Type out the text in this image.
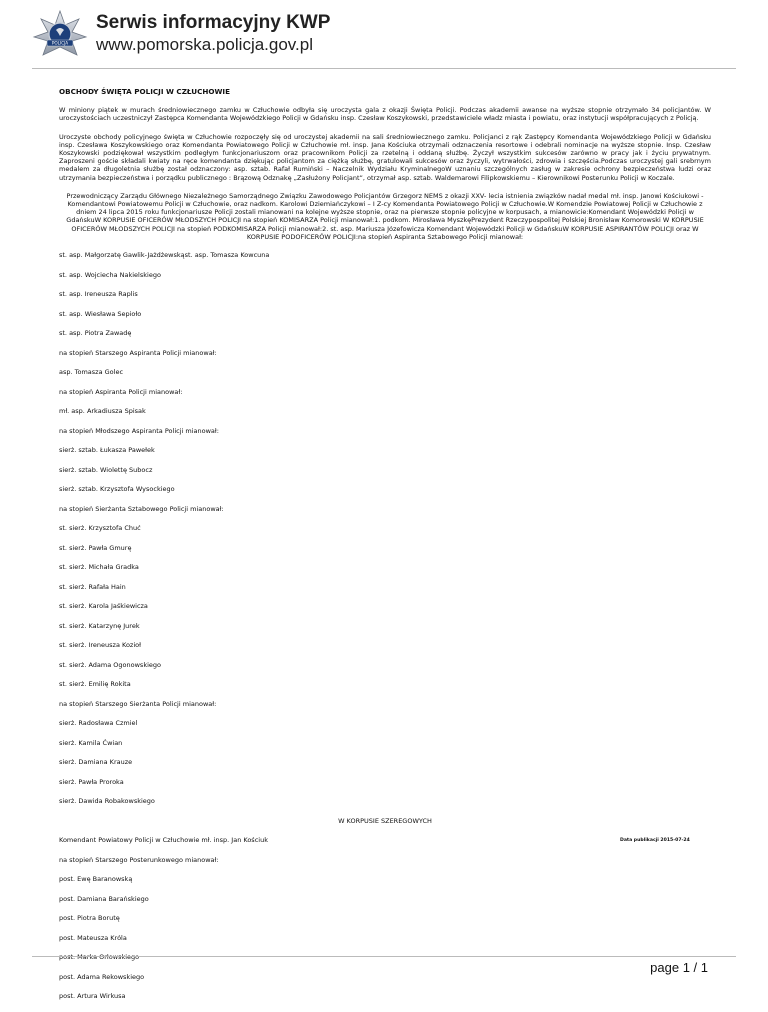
POLICJA
Serwis informacyjny KWP
www.pomorska.policja.gov.pl
OBCHODY ŚWIĘTA POLICJI W CZŁUCHOWIE
W miniony piątek w murach średniowiecznego zamku w Człuchowie odbyła się uroczysta gala z okazji Święta Policji. Podczas akademii awanse na wyższe stopnie otrzymało 34 policjantów. W uroczystościach uczestniczył Zastępca Komendanta Wojewódzkiego Policji w Gdańsku insp. Czesław Koszykowski, przedstawiciele władz miasta i powiatu, oraz instytucji współpracujących z Policją.
Uroczyste obchody policyjnego święta w Człuchowie rozpoczęły się od uroczystej akademii na sali średniowiecznego zamku. Policjanci z rąk Zastępcy Komendanta Wojewódzkiego Policji w Gdańsku insp. Czesława Koszykowskiego oraz Komendanta Powiatowego Policji w Człuchowie mł. insp. Jana Kościuka otrzymali odznaczenia resortowe i odebrali nominacje na wyższe stopnie. Insp. Czesław Koszykowski podziękował wszystkim podległym funkcjonariuszom oraz pracownikom Policji za rzetelną i oddaną służbę. Życzył wszystkim sukcesów zarówno w pracy jak i życiu prywatnym. Zaproszeni goście składali kwiaty na ręce komendanta dziękując policjantom za ciężką służbę, gratulowali sukcesów oraz życzyli, wytrwałości, zdrowia i szczęścia.Podczas uroczystej gali srebrnym medalem za długoletnia służbę został odznaczony: asp. sztab. Rafał Rumiński – Naczelnik Wydziału KryminalnegoW uznaniu szczególnych zasług w zakresie ochrony bezpieczeństwa ludzi oraz utrzymania bezpieczeństwa i porządku publicznego : Brązową Odznakę „Zasłużony Policjant”, otrzymał asp. sztab. Waldemarowi Filipkowskiemu – Kierownikowi Posterunku Policji w Koczale.
Przewodniczący Zarządu Głównego Niezależnego Samorządnego Związku Zawodowego Policjantów Grzegorz NEMS z okazji XXV- lecia istnienia związków nadał medal mł. insp. Janowi Kościukowi - Komendantowi Powiatowemu Policji w Człuchowie, oraz nadkom. Karolowi Dziemiańczykowi – I Z-cy Komendanta Powiatowego Policji w Człuchowie.W Komendzie Powiatowej Policji w Człuchowie z dniem 24 lipca 2015 roku funkcjonariusze Policji zostali mianowani na kolejne wyższe stopnie, oraz na pierwsze stopnie policyjne w korpusach, a mianowicie:Komendant Wojewódzki Policji w GdańskuW KORPUSIE OFICERÓW MŁODSZYCH POLICJI na stopień KOMISARZA Policji mianował:1. podkom. Mirosława MyszkęPrezydent Rzeczypospolitej Polskiej Bronisław Komorowski W KORPUSIE OFICERÓW MŁODSZYCH POLICJI na stopień PODKOMISARZA Policji mianował:2. st. asp. Mariusza Józefowicza Komendant Wojewódzki Policji w GdańskuW KORPUSIE ASPIRANTÓW POLICJI oraz W KORPUSIE PODOFICERÓW POLICJI:na stopień Aspiranta Sztabowego Policji mianował:
st. asp. Małgorzatę Gawlik-Jażdżewskąst. asp. Tomasza Kowcuna
st. asp. Wojciecha Nakielskiego
st. asp. Ireneusza Raplis
st. asp. Wiesława Sepioło
st. asp. Piotra Zawadę
na stopień Starszego Aspiranta Policji mianował:
asp. Tomasza Golec
na stopień Aspiranta Policji mianował:
mł. asp. Arkadiusza Spisak
na stopień Młodszego Aspiranta Policji mianował:
sierż. sztab. Łukasza Pawełek
sierż. sztab. Wiolettę Subocz
sierż. sztab. Krzysztofa Wysockiego
na stopień Sierżanta Sztabowego Policji mianował:
st. sierż. Krzysztofa Chuć
st. sierż. Pawła Gmurę
st. sierż. Michała Gradka
st. sierż. Rafała Hain
st. sierż. Karola Jaśkiewicza
st. sierż. Katarzynę Jurek
st. sierż. Ireneusza Kozioł
st. sierż. Adama Ogonowskiego
st. sierż. Emilię Rokita
na stopień Starszego Sierżanta Policji mianował:
sierż. Radosława Czmiel
sierż. Kamila Ćwian
sierż. Damiana Krauze
sierż. Pawła Proroka
sierż. Dawida Robakowskiego
W KORPUSIE SZEREGOWYCH
Komendant Powiatowy Policji w Człuchowie mł. insp. Jan Kościuk
na stopień Starszego Posterunkowego mianował:
post. Ewę Baranowską
post. Damiana Barańskiego
post. Piotra Borutę
post. Mateusza Króla
post. Marka Orłowskiego
post. Adama Rekowskiego
post. Artura Wirkusa
Data publikacji 2015-07-24
page 1 / 1
